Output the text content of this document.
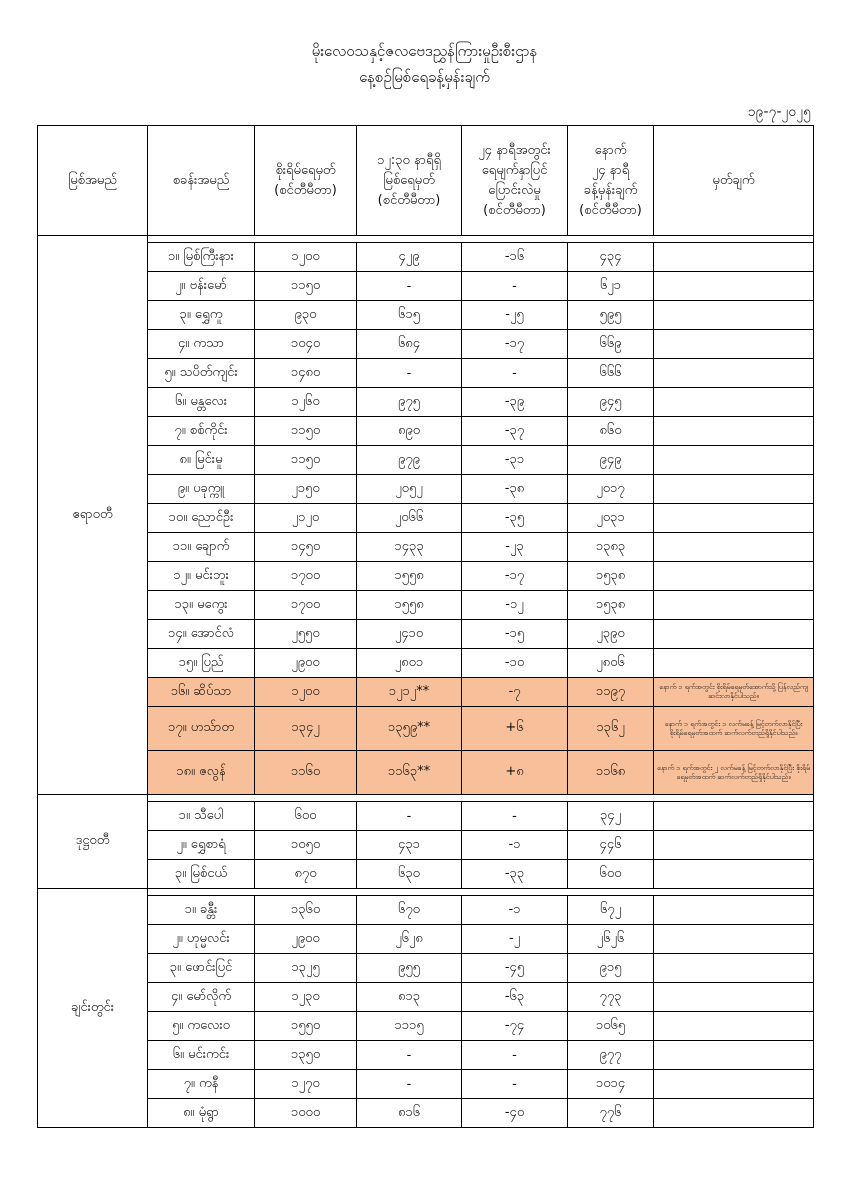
မိုးလေဝသနှင့်ဇလဗေဒညွှန်ကြားမှုဦးစီးဌာန
နေ့စဉ်မြစ်ရေခန့်မှန်းချက်
၁၉-၇-၂၀၂၅
မြစ်အမည်	စခန်းအမည်	စိုးရိမ်ရေမှတ်
(စင်တီမီတာ)	၁၂:၃၀ နာရီရှိ
မြစ်ရေမှတ်
(စင်တီမီတာ)	၂၄ နာရီအတွင်း
ရေမျက်နှာပြင်
ပြောင်းလဲမှု
(စင်တီမီတာ)	နောက်
၂၄ နာရီ
ခန့်မှန်းချက်
(စင်တီမီတာ)	မှတ်ချက်
ဧရာဝတီ						
	၁။ မြစ်ကြီးနား	၁၂၀၀	၄၂၉	-၁၆	၄၃၄	
	၂။ ဗန်းမော်	၁၁၅၀	-	-	၆၂၁	
	၃။ ရွှေကူ	၉၃၀	၆၁၅	-၂၅	၅၉၅	
	၄။ ကသာ	၁၀၄၀	၆၈၄	-၁၇	၆၆၉	
	၅။ သပိတ်ကျင်း	၁၄၈၀	-	-	၆၆၆	
	၆။ မန္တလေး	၁၂၆၀	၉၇၅	-၃၉	၉၄၅	
	၇။ စစ်ကိုင်း	၁၁၅၀	၈၉၀	-၃၇	၈၆၀	
	၈။ မြင်းမူ	၁၁၅၀	၉၇၉	-၃၁	၉၄၉	
	၉။ ပခုက္ကူ	၂၁၅၀	၂၀၅၂	-၃၈	၂၀၁၇	
	၁၀။ ညောင်ဦး	၂၁၂၀	၂၀၆၆	-၃၅	၂၀၃၁	
	၁၁။ ချောက်	၁၄၅၀	၁၄၃၃	-၂၃	၁၃၈၃	
	၁၂။ မင်းဘူး	၁၇၀၀	၁၅၅၈	-၁၇	၁၅၃၈	
	၁၃။ မကွေး	၁၇၀၀	၁၅၅၈	-၁၂	၁၅၃၈	
	၁၄။ အောင်လံ	၂၅၅၀	၂၄၁၀	-၁၅	၂၃၉၀	
	၁၅။ ပြည်	၂၉၀၀	၂၈၀၁	-၁၀	၂၈၀၆	
	၁၆။ ဆိပ်သာ	၁၂၀၀	၁၂၁၂**	-၇	၁၁၉၇	နောက် ၁ ရက်အတွင်း စိုးရိမ်ရေမှတ်အောက်သို့ ပြန်လည်ကျဆင်းလာနိုင်ပါသည်။
	၁၇။ ဟသ်ာတ	၁၃၄၂	၁၃၅၉**	+၆	၁၃၆၂	နောက် ၁ ရက်အတွင်း ၁ လက်မခန့် မြင့်တက်လာနိုင်ပြီး စိုးရိမ်ရေမှတ်အထက် ဆက်လက်တည်ရှိနိုင်ပါသည်။
	၁၈။ ဇလွန်	၁၁၆၀	၁၁၆၃**	+၈	၁၁၆၈	နောက် ၁ ရက်အတွင်း ၂ လက်မခန့် မြင့်တက်လာနိုင်ပြီး စိုးရိမ်ရေမှတ်အထက် ဆက်လက်တည်ရှိနိုင်ပါသည်။
ဒုဋ္ဌဝတီ						
	၁။ သီပေါ	၆၀၀	-	-	၃၄၂	
	၂။ ရွှေစာရံ	၁၀၅၀	၄၃၁	-၁	၄၄၆	
	၃။ မြစ်ငယ်	၈၇၀	၆၃၀	-၃၃	၆၀၀	
ချင်းတွင်း						
	၁။ ခန္တီး	၁၃၆၀	၆၇၀	-၁	၆၇၂	
	၂။ ဟုမ္မလင်း	၂၉၀၀	၂၆၂၈	-၂	၂၆၂၆	
	၃။ ဖောင်းပြင်	၁၃၂၅	၉၅၅	-၄၅	၉၁၅	
	၄။ မော်လိုက်	၁၂၃၀	၈၁၃	-၆၃	၇၇၃	
	၅။ ကလေးဝ	၁၅၅၀	၁၁၁၅	-၇၄	၁၀၆၅	
	၆။ မင်းကင်း	၁၃၅၀	-	-	၉၇၇	
	၇။ ကနီ	၁၂၇၀	-	-	၁၀၁၄	
	၈။ မုံရွာ	၁၀၀၀	၈၁၆	-၄၀	၇၇၆	
